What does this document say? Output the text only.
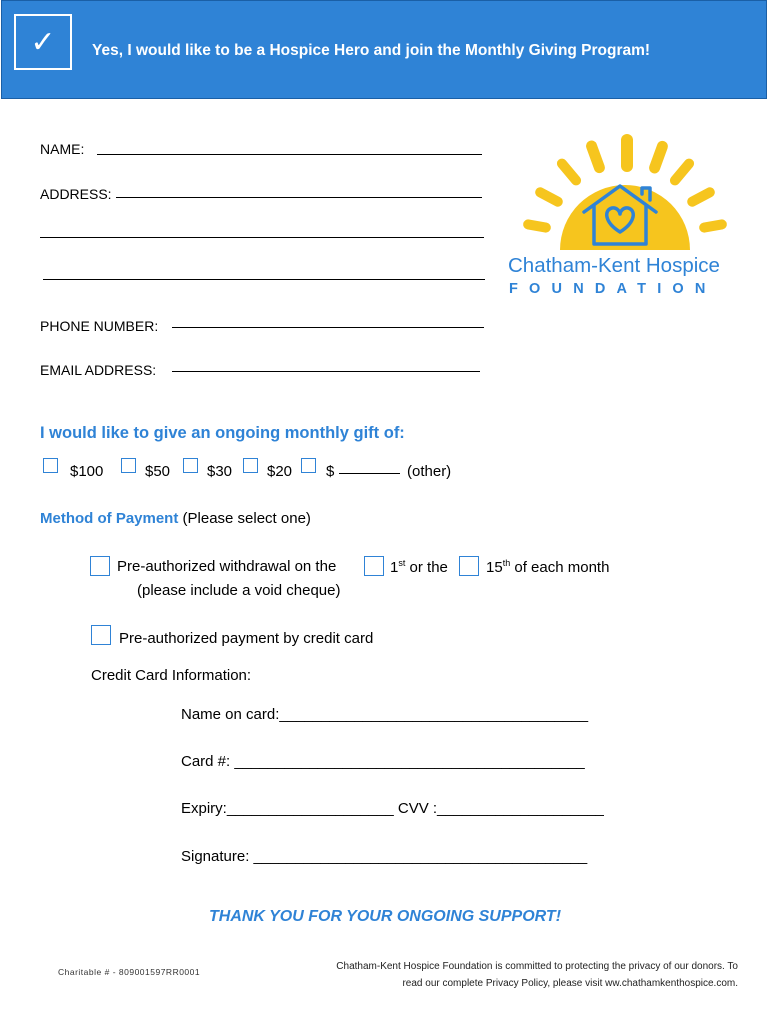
✓ Yes, I would like to be a Hospice Hero and join the Monthly Giving Program!
NAME:
ADDRESS:
PHONE NUMBER:
EMAIL ADDRESS:
Chatham-Kent Hospice
FOUNDATION
I would like to give an ongoing monthly gift of:
$100	$50 $30 $20 $	(other)
Method of Payment (Please select one)
Pre-authorized withdrawal on the	1st or the	15th of each month
(please include a void cheque)
Pre-authorized payment by credit card
Credit Card Information:
Name on card:_____________________________________
Card #: __________________________________________
Expiry:____________________ CVV :____________________
Signature: ________________________________________
THANK YOU FOR YOUR ONGOING SUPPORT!
Charitable # - 809001597RR0001	Chatham-Kent Hospice Foundation is committed to protecting the privacy of our donors. To
read our complete Privacy Policy, please visit ww.chathamkenthospice.com.
